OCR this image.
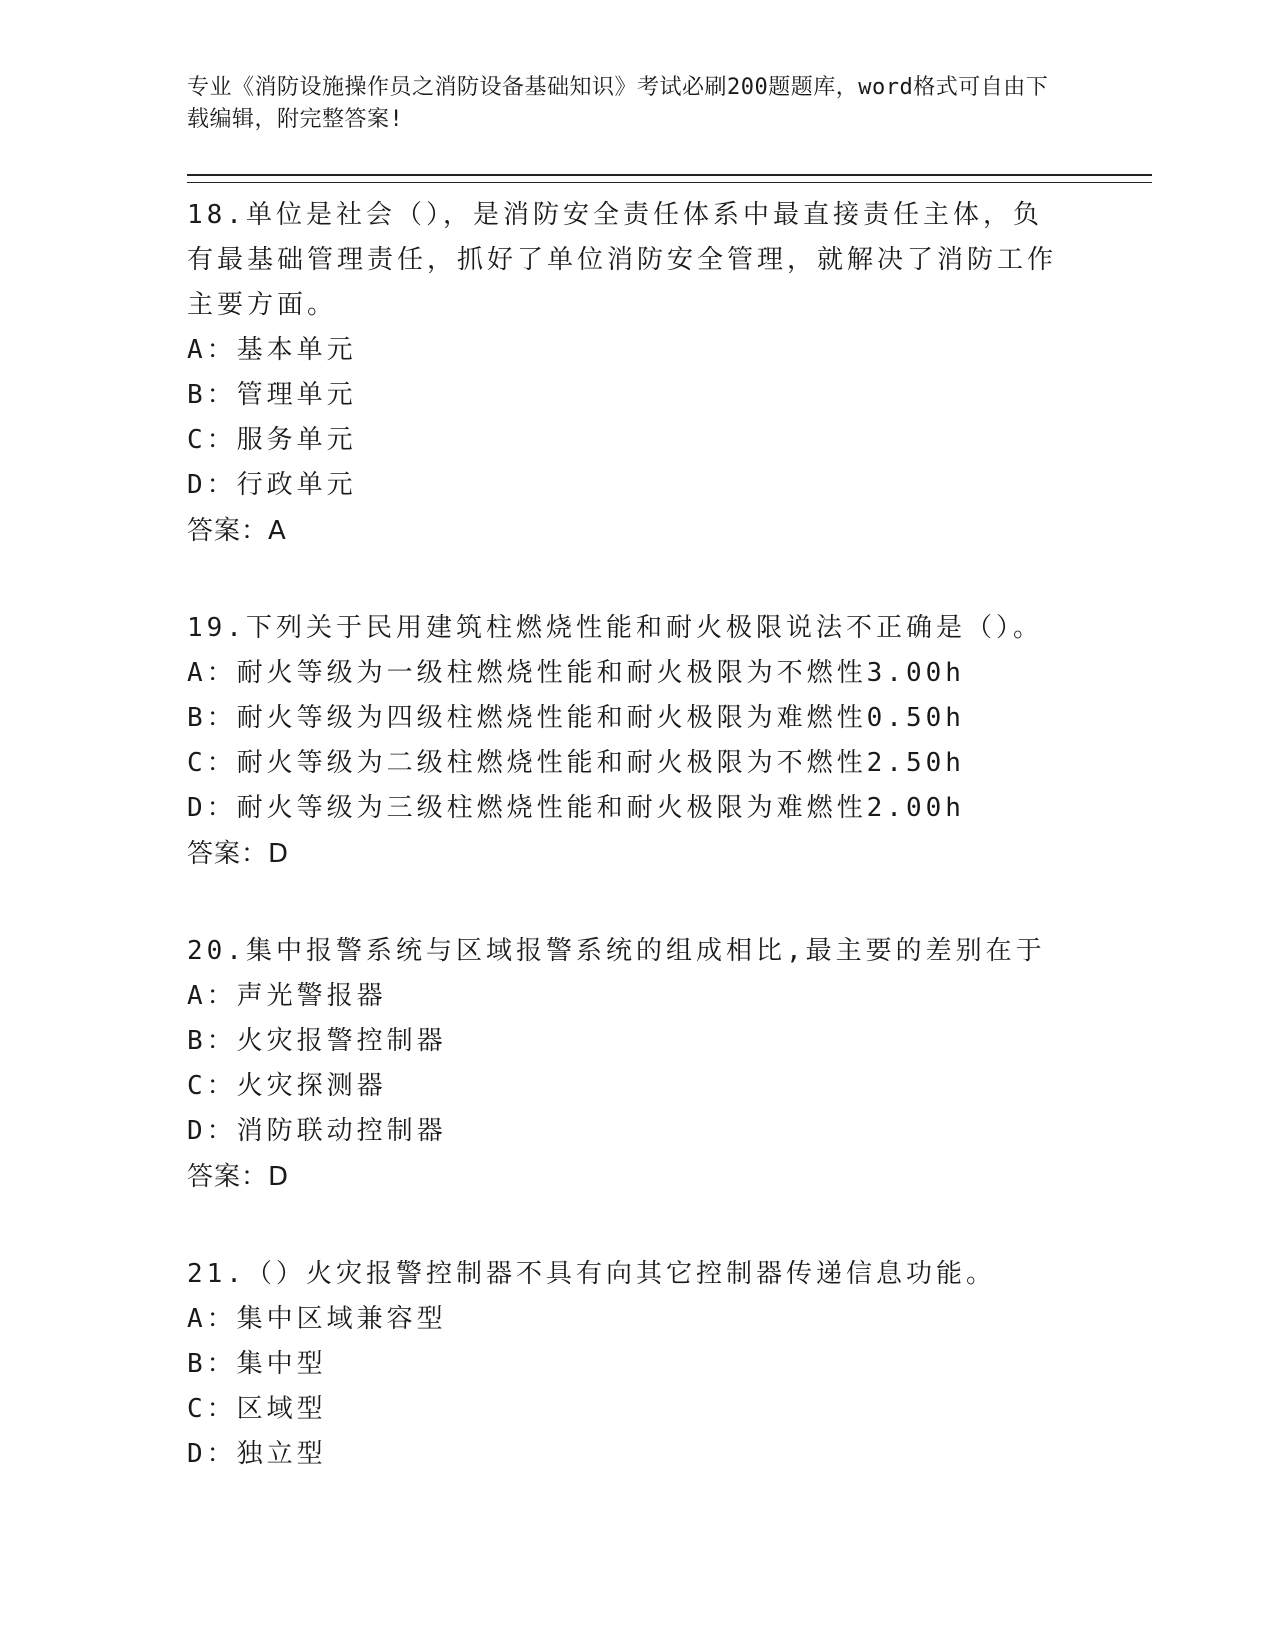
专业《消防设施操作员之消防设备基础知识》考试必刷200题题库，word格式可自由下载编辑，附完整答案!

18.单位是社会（），是消防安全责任体系中最直接责任主体，负有最基础管理责任，抓好了单位消防安全管理，就解决了消防工作主要方面。

A：基本单元

B：管理单元

C：服务单元

D：行政单元

答案：A

19.下列关于民用建筑柱燃烧性能和耐火极限说法不正确是（）。

A：耐火等级为一级柱燃烧性能和耐火极限为不燃性3.00h

B：耐火等级为四级柱燃烧性能和耐火极限为难燃性0.50h

C：耐火等级为二级柱燃烧性能和耐火极限为不燃性2.50h

D：耐火等级为三级柱燃烧性能和耐火极限为难燃性2.00h

答案：D

20.集中报警系统与区域报警系统的组成相比,最主要的差别在于

A：声光警报器

B：火灾报警控制器

C：火灾探测器

D：消防联动控制器

答案：D

21.（）火灾报警控制器不具有向其它控制器传递信息功能。

A：集中区域兼容型

B：集中型

C：区域型

D：独立型
